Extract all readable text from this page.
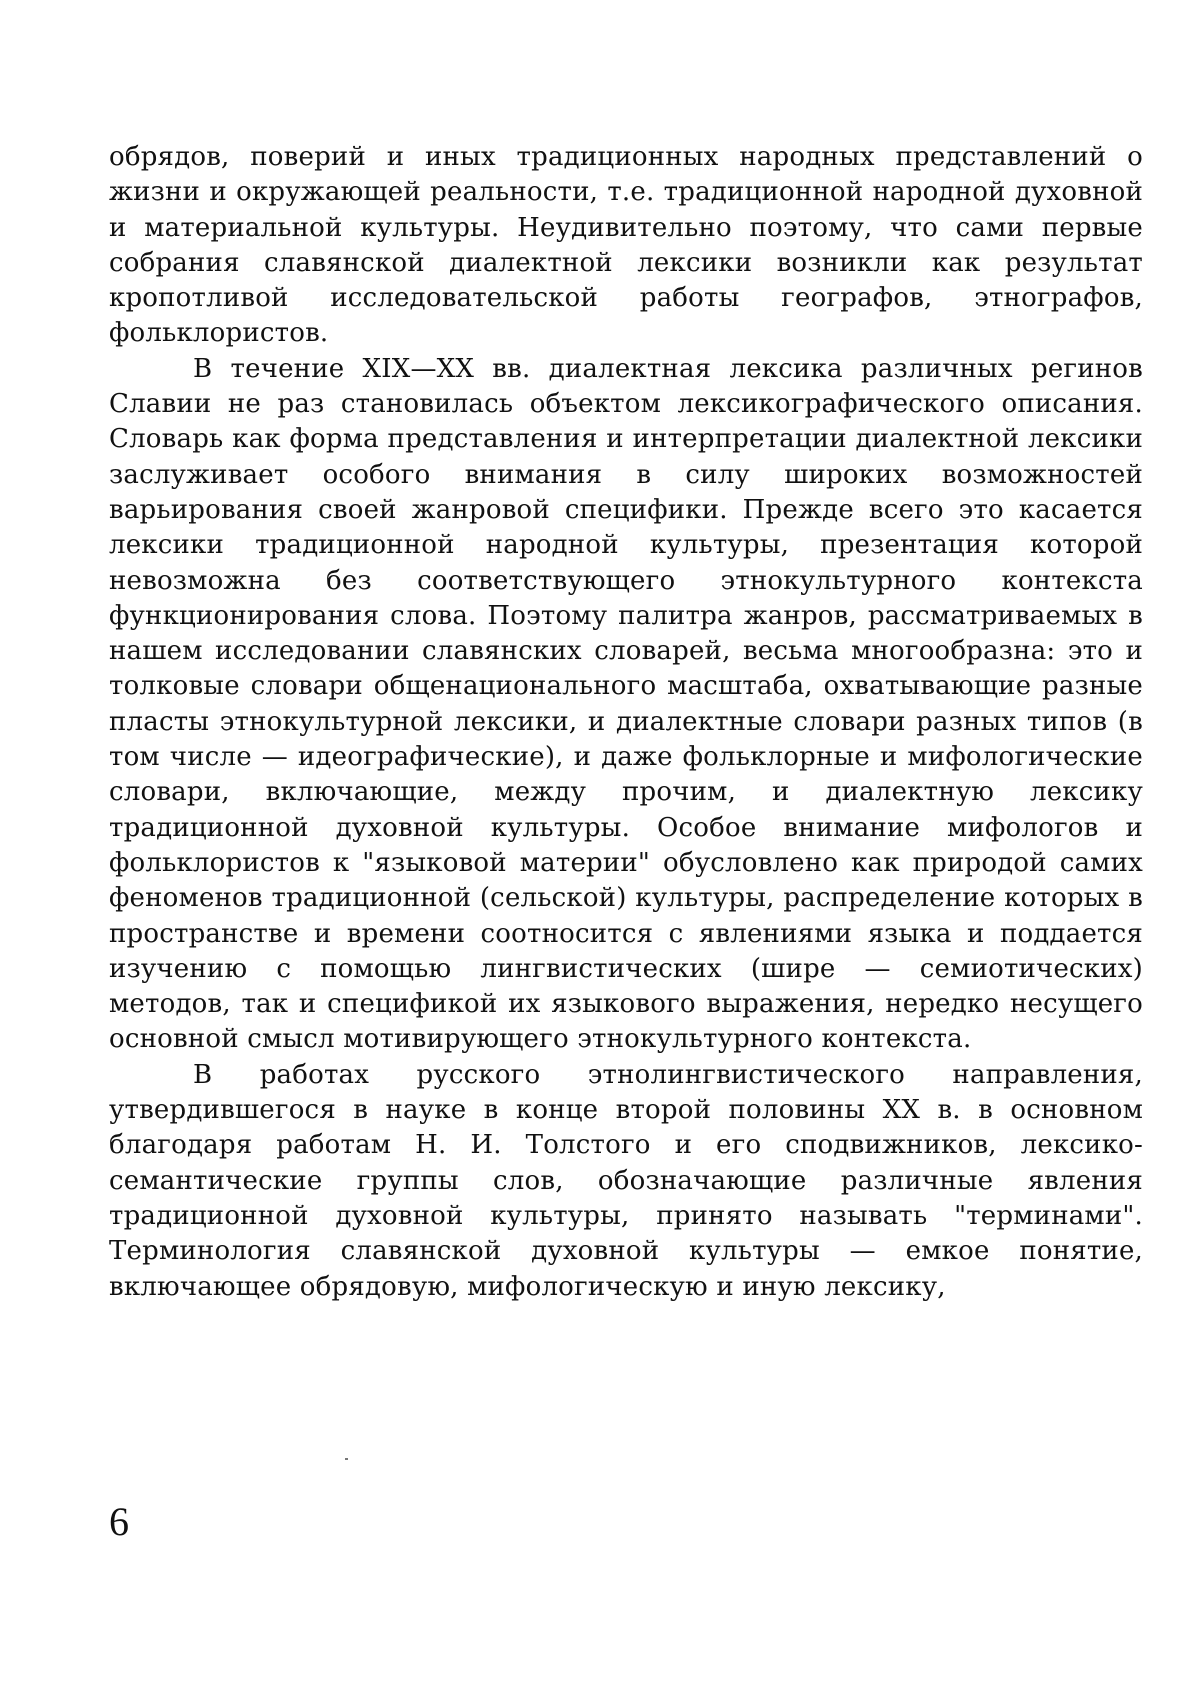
обрядов, поверий и иных традиционных народных представлений о жизни и окружающей реальности, т.е. традиционной народной духовной и материальной культуры. Неудивительно поэтому, что сами первые собрания славянской диалектной лексики возникли как результат кропотливой исследовательской работы географов, этнографов, фольклористов.

В течение XIX—XX вв. диалектная лексика различных регинов Славии не раз становилась объектом лексикографического описания. Словарь как форма представления и интерпретации диалектной лексики заслуживает особого внимания в силу широких возможностей варьирования своей жанровой специфики. Прежде всего это касается лексики традиционной народной культуры, презентация которой невозможна без соответствующего этнокультурного контекста функционирования слова. Поэтому палитра жанров, рассматриваемых в нашем исследовании славянских словарей, весьма многообразна: это и толковые словари общенационального масштаба, охватывающие разные пласты этнокультурной лексики, и диалектные словари разных типов (в том числе — идеографические), и даже фольклорные и мифологические словари, включающие, между прочим, и диалектную лексику традиционной духовной культуры. Особое внимание мифологов и фольклористов к "языковой материи" обусловлено как природой самих феноменов традиционной (сельской) культуры, распределение которых в пространстве и времени соотносится с явлениями языка и поддается изучению с помощью лингвистических (шире — семиотических) методов, так и спецификой их языкового выражения, нередко несущего основной смысл мотивирующего этнокультурного контекста.

В работах русского этнолингвистического направления, утвердившегося в науке в конце второй половины XX в. в основном благодаря работам Н. И. Толстого и его сподвижников, лексико-семантические группы слов, обозначающие различные явления традиционной духовной культуры, принято называть "терминами". Терминология славянской духовной культуры — емкое понятие, включающее обрядовую, мифологическую и иную лексику,

6
